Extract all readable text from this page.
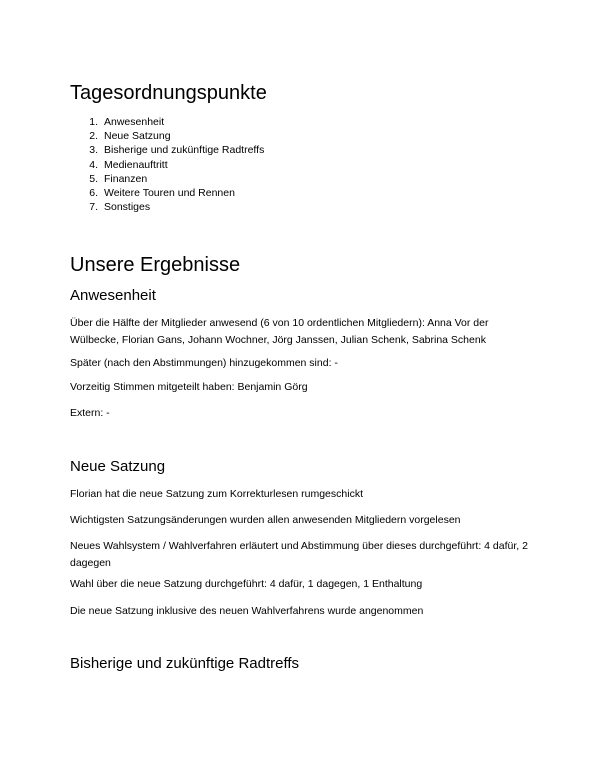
Tagesordnungspunkte
1. Anwesenheit
2. Neue Satzung
3. Bisherige und zukünftige Radtreffs
4. Medienauftritt
5. Finanzen
6. Weitere Touren und Rennen
7. Sonstiges
Unsere Ergebnisse
Anwesenheit

Über die Hälfte der Mitglieder anwesend (6 von 10 ordentlichen Mitgliedern): Anna Vor der Wülbecke, Florian Gans, Johann Wochner, Jörg Janssen, Julian Schenk, Sabrina Schenk

Später (nach den Abstimmungen) hinzugekommen sind: -

Vorzeitig Stimmen mitgeteilt haben: Benjamin Görg

Extern: -

Neue Satzung

Florian hat die neue Satzung zum Korrekturlesen rumgeschickt

Wichtigsten Satzungsänderungen wurden allen anwesenden Mitgliedern vorgelesen

Neues Wahlsystem / Wahlverfahren erläutert und Abstimmung über dieses durchgeführt: 4 dafür, 2 dagegen

Wahl über die neue Satzung durchgeführt: 4 dafür, 1 dagegen, 1 Enthaltung

Die neue Satzung inklusive des neuen Wahlverfahrens wurde angenommen

Bisherige und zukünftige Radtreffs
